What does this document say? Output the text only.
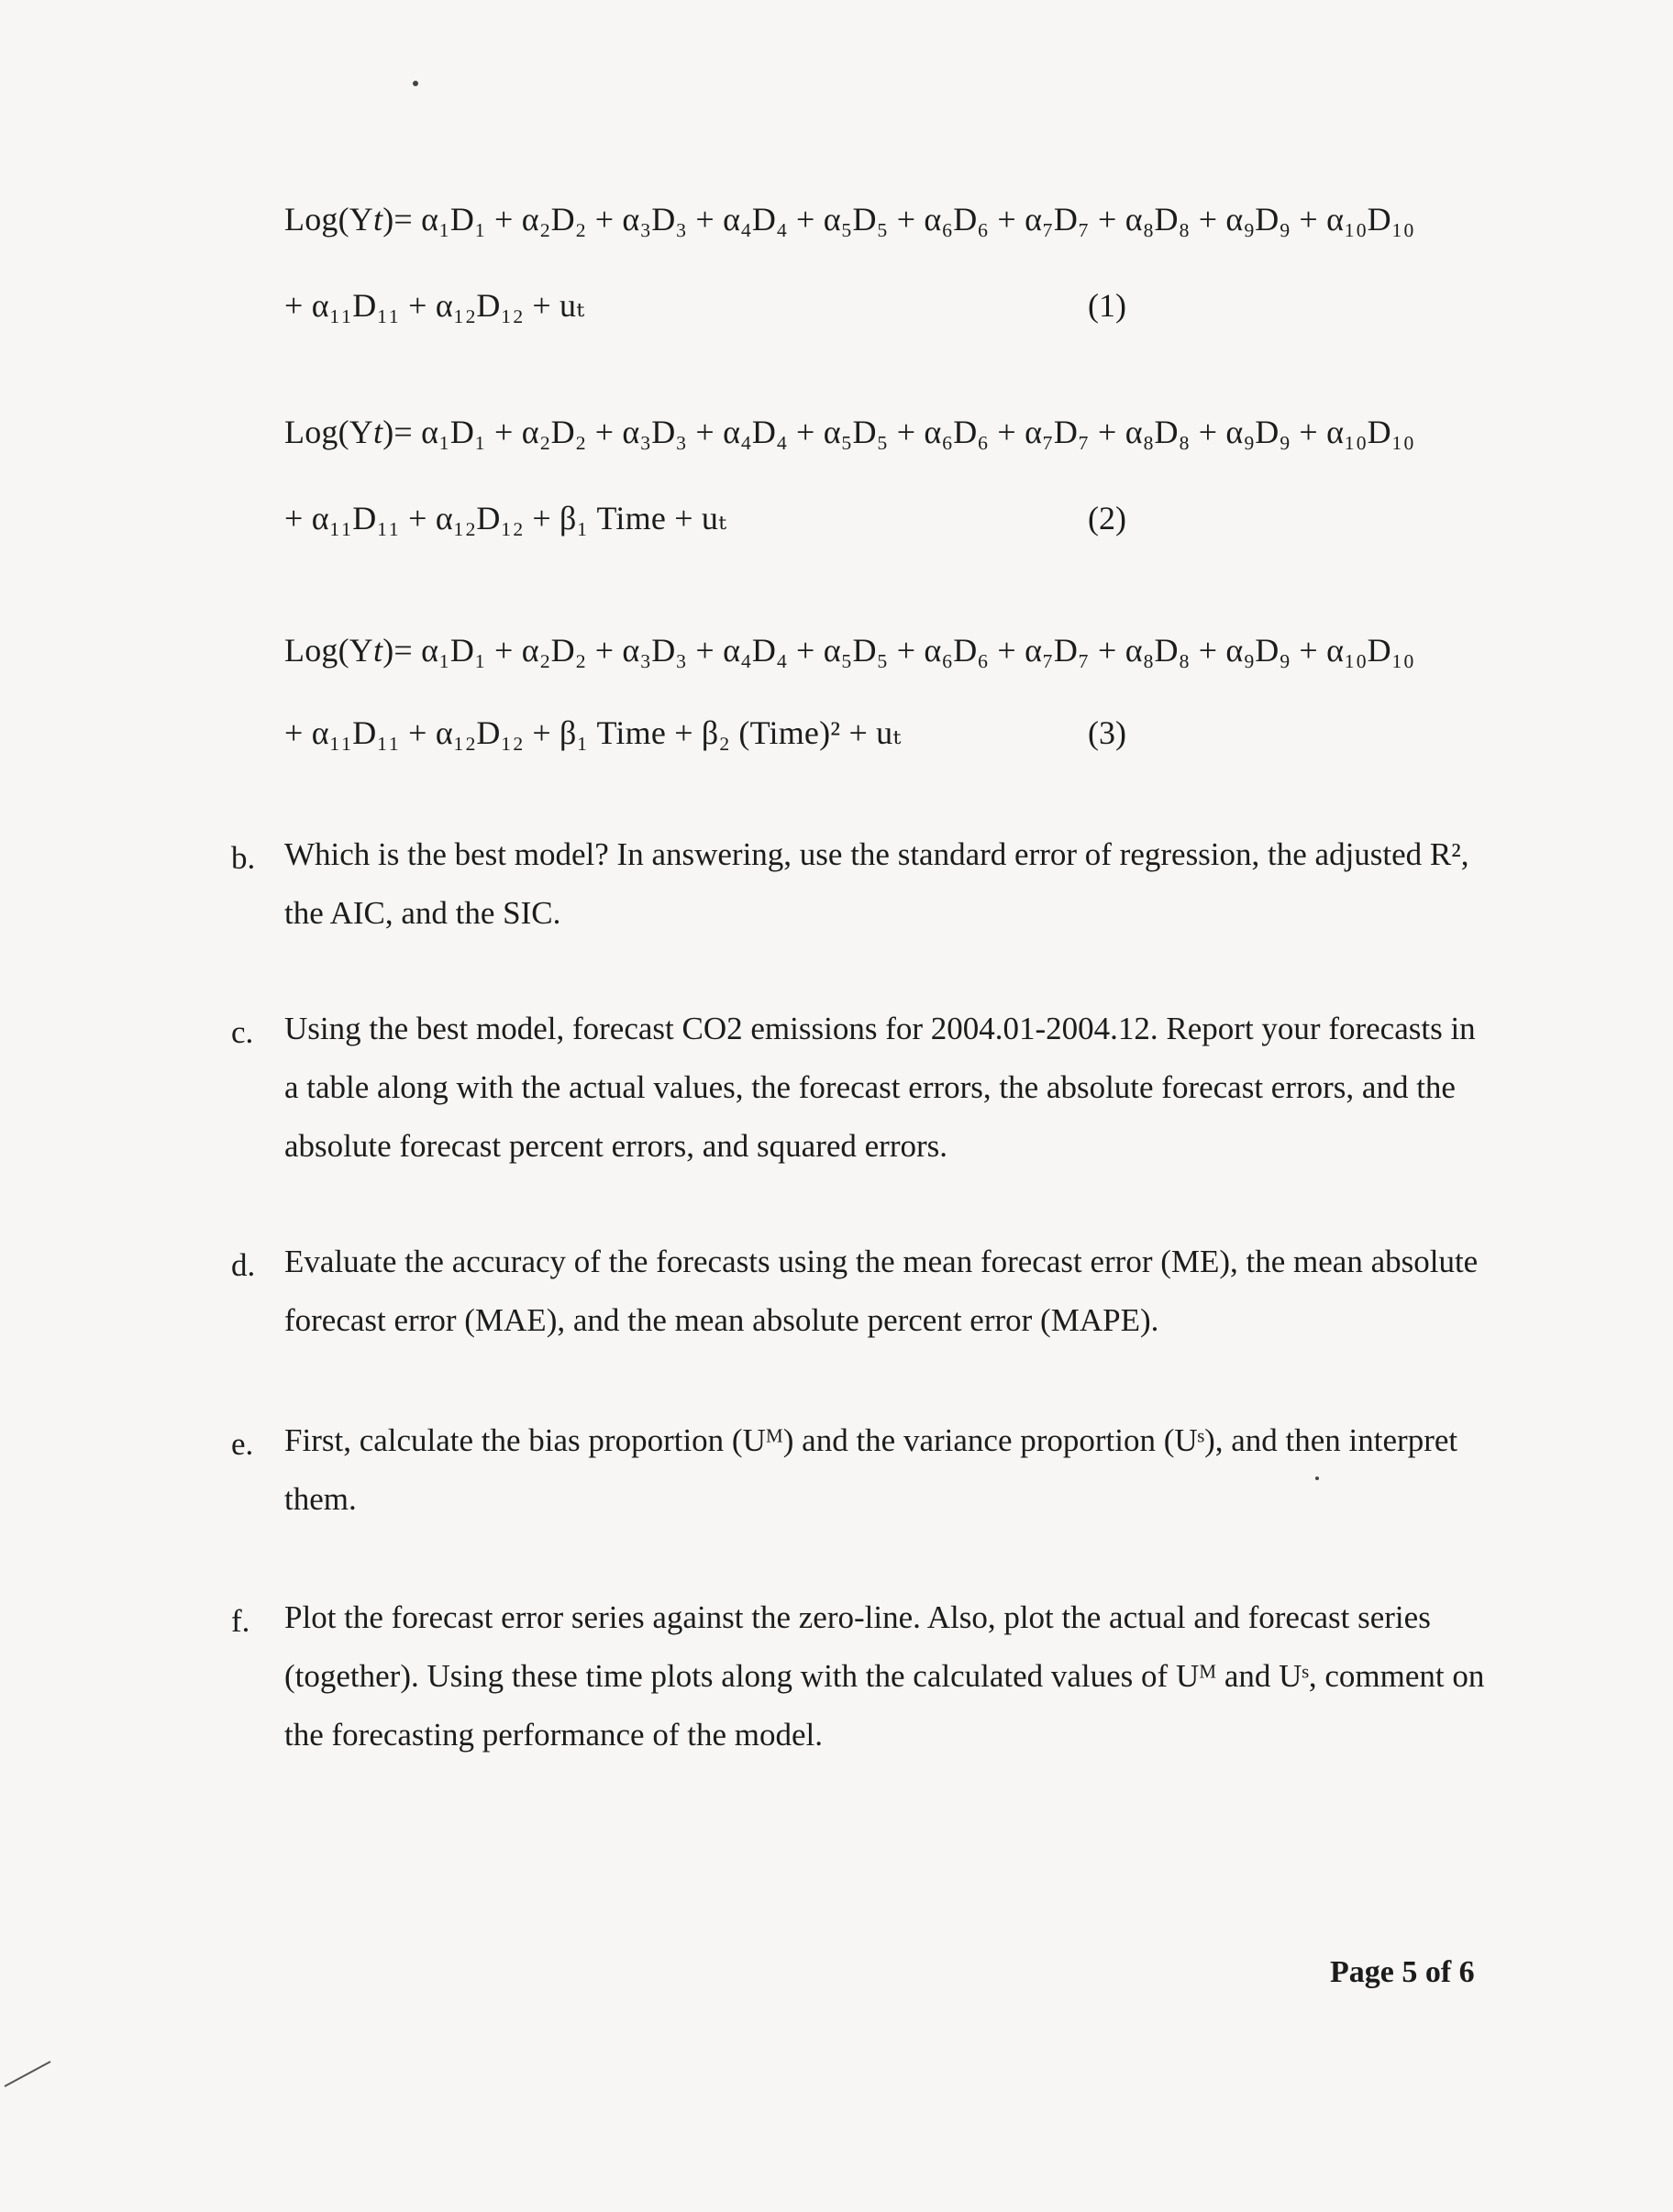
Log(Yt)= α₁D₁ + α₂D₂ + α₃D₃ + α₄D₄ + α₅D₅ + α₆D₆ + α₇D₇ + α₈D₈ + α₉D₉ + α₁₀D₁₀
+ α₁₁D₁₁ + α₁₂D₁₂ + uₜ	(1)
Log(Yt)= α₁D₁ + α₂D₂ + α₃D₃ + α₄D₄ + α₅D₅ + α₆D₆ + α₇D₇ + α₈D₈ + α₉D₉ + α₁₀D₁₀
+ α₁₁D₁₁ + α₁₂D₁₂ + β₁ Time + uₜ	(2)
Log(Yt)= α₁D₁ + α₂D₂ + α₃D₃ + α₄D₄ + α₅D₅ + α₆D₆ + α₇D₇ + α₈D₈ + α₉D₉ + α₁₀D₁₀
+ α₁₁D₁₁ + α₁₂D₁₂ + β₁ Time + β₂ (Time)² + uₜ	(3)
b. Which is the best model? In answering, use the standard error of regression, the adjusted R², the AIC, and the SIC.
c. Using the best model, forecast CO2 emissions for 2004.01-2004.12. Report your forecasts in a table along with the actual values, the forecast errors, the absolute forecast errors, and the absolute forecast percent errors, and squared errors.
d. Evaluate the accuracy of the forecasts using the mean forecast error (ME), the mean absolute forecast error (MAE), and the mean absolute percent error (MAPE).
e. First, calculate the bias proportion (Uᴹ) and the variance proportion (Uˢ), and then interpret them.
f. Plot the forecast error series against the zero-line. Also, plot the actual and forecast series (together). Using these time plots along with the calculated values of Uᴹ and Uˢ, comment on the forecasting performance of the model.
Page 5 of 6
